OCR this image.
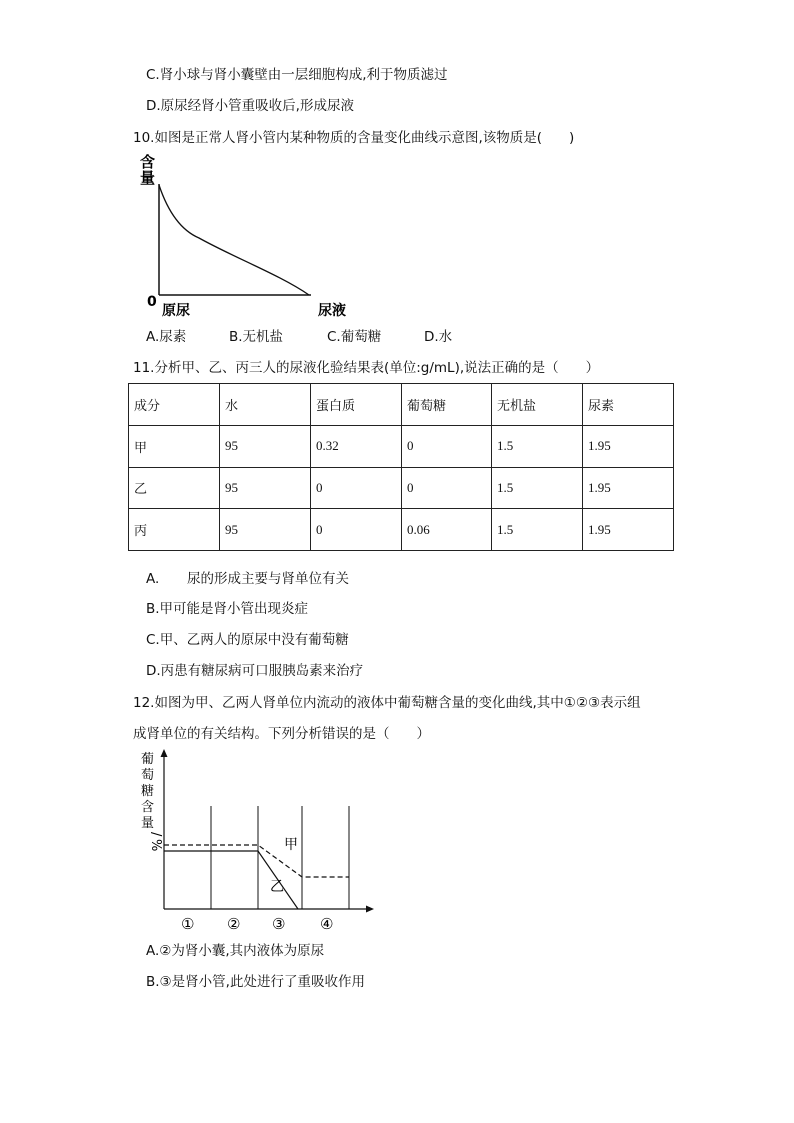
C.肾小球与肾小囊壁由一层细胞构成,利于物质滤过
D.原尿经肾小管重吸收后,形成尿液
10.如图是正常人肾小管内某种物质的含量变化曲线示意图,该物质是(　　)
含
量
0
原尿	尿液
A.尿素	B.无机盐	C.葡萄糖	D.水
11.分析甲、乙、丙三人的尿液化验结果表(单位:g/mL),说法正确的是（　　）
成分	水	蛋白质	葡萄糖	无机盐	尿素
甲	95	0.32	0	1.5	1.95
乙	95	0	0	1.5	1.95
丙	95	0	0.06	1.5	1.95
A. 尿的形成主要与肾单位有关
B.甲可能是肾小管出现炎症
C.甲、乙两人的原尿中没有葡萄糖
D.丙患有糖尿病可口服胰岛素来治疗
12.如图为甲、乙两人肾单位内流动的液体中葡萄糖含量的变化曲线,其中①②③表示组
成肾单位的有关结构。下列分析错误的是（　　）
葡
萄
糖
含
量
/
%	甲
乙
① ② ③ ④
A.②为肾小囊,其内液体为原尿
B.③是肾小管,此处进行了重吸收作用
